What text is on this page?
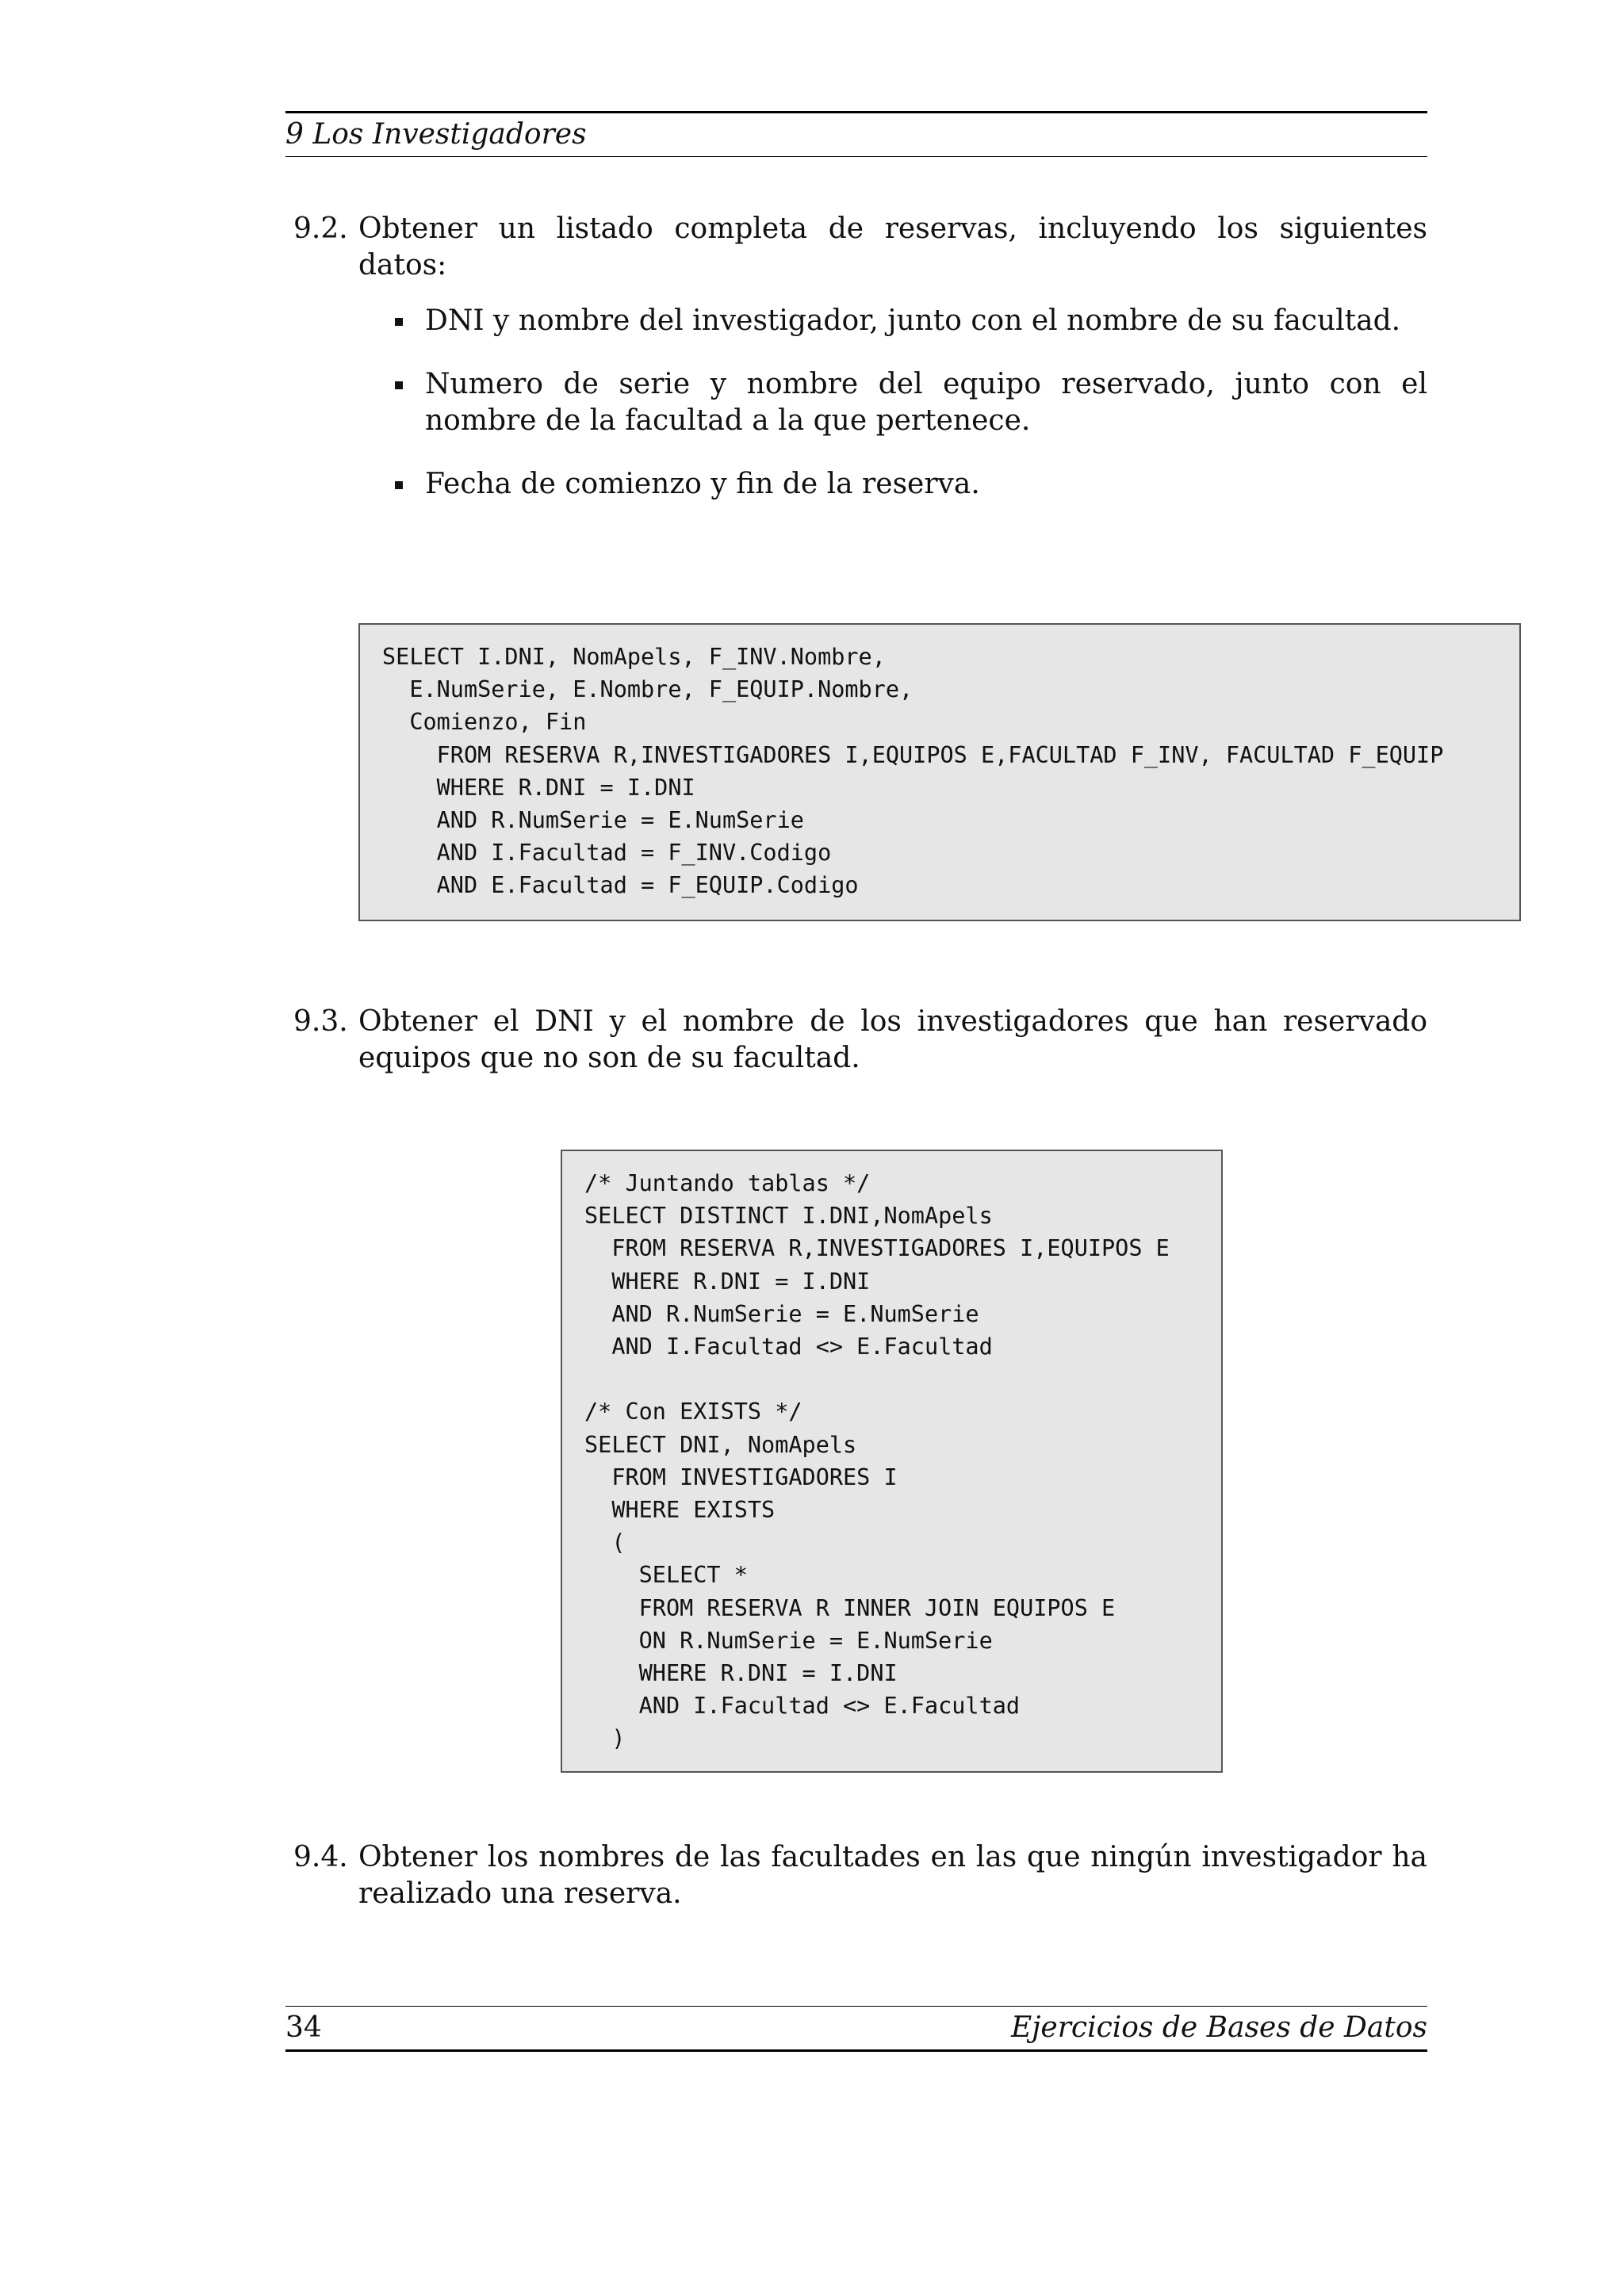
9 Los Investigadores
9.2. Obtener un listado completa de reservas, incluyendo los siguientes datos:
DNI y nombre del investigador, junto con el nombre de su facultad.
Numero de serie y nombre del equipo reservado, junto con el nombre de la facultad a la que pertenece.
Fecha de comienzo y fin de la reserva.
SELECT I.DNI, NomApels, F_INV.Nombre,
E.NumSerie, E.Nombre, F_EQUIP.Nombre,
Comienzo, Fin
FROM RESERVA R,INVESTIGADORES I,EQUIPOS E,FACULTAD F_INV, FACULTAD F_EQUIP
WHERE R.DNI = I.DNI
AND R.NumSerie = E.NumSerie
AND I.Facultad = F_INV.Codigo
AND E.Facultad = F_EQUIP.Codigo
9.3. Obtener el DNI y el nombre de los investigadores que han reservado equipos que no son de su facultad.
/* Juntando tablas */
SELECT DISTINCT I.DNI,NomApels
FROM RESERVA R,INVESTIGADORES I,EQUIPOS E
WHERE R.DNI = I.DNI
AND R.NumSerie = E.NumSerie
AND I.Facultad <> E.Facultad

/* Con EXISTS */
SELECT DNI, NomApels
FROM INVESTIGADORES I
WHERE EXISTS
(
SELECT *
FROM RESERVA R INNER JOIN EQUIPOS E
ON R.NumSerie = E.NumSerie
WHERE R.DNI = I.DNI
AND I.Facultad <> E.Facultad
)
9.4. Obtener los nombres de las facultades en las que ningún investigador ha realizado una reserva.
34	Ejercicios de Bases de Datos
